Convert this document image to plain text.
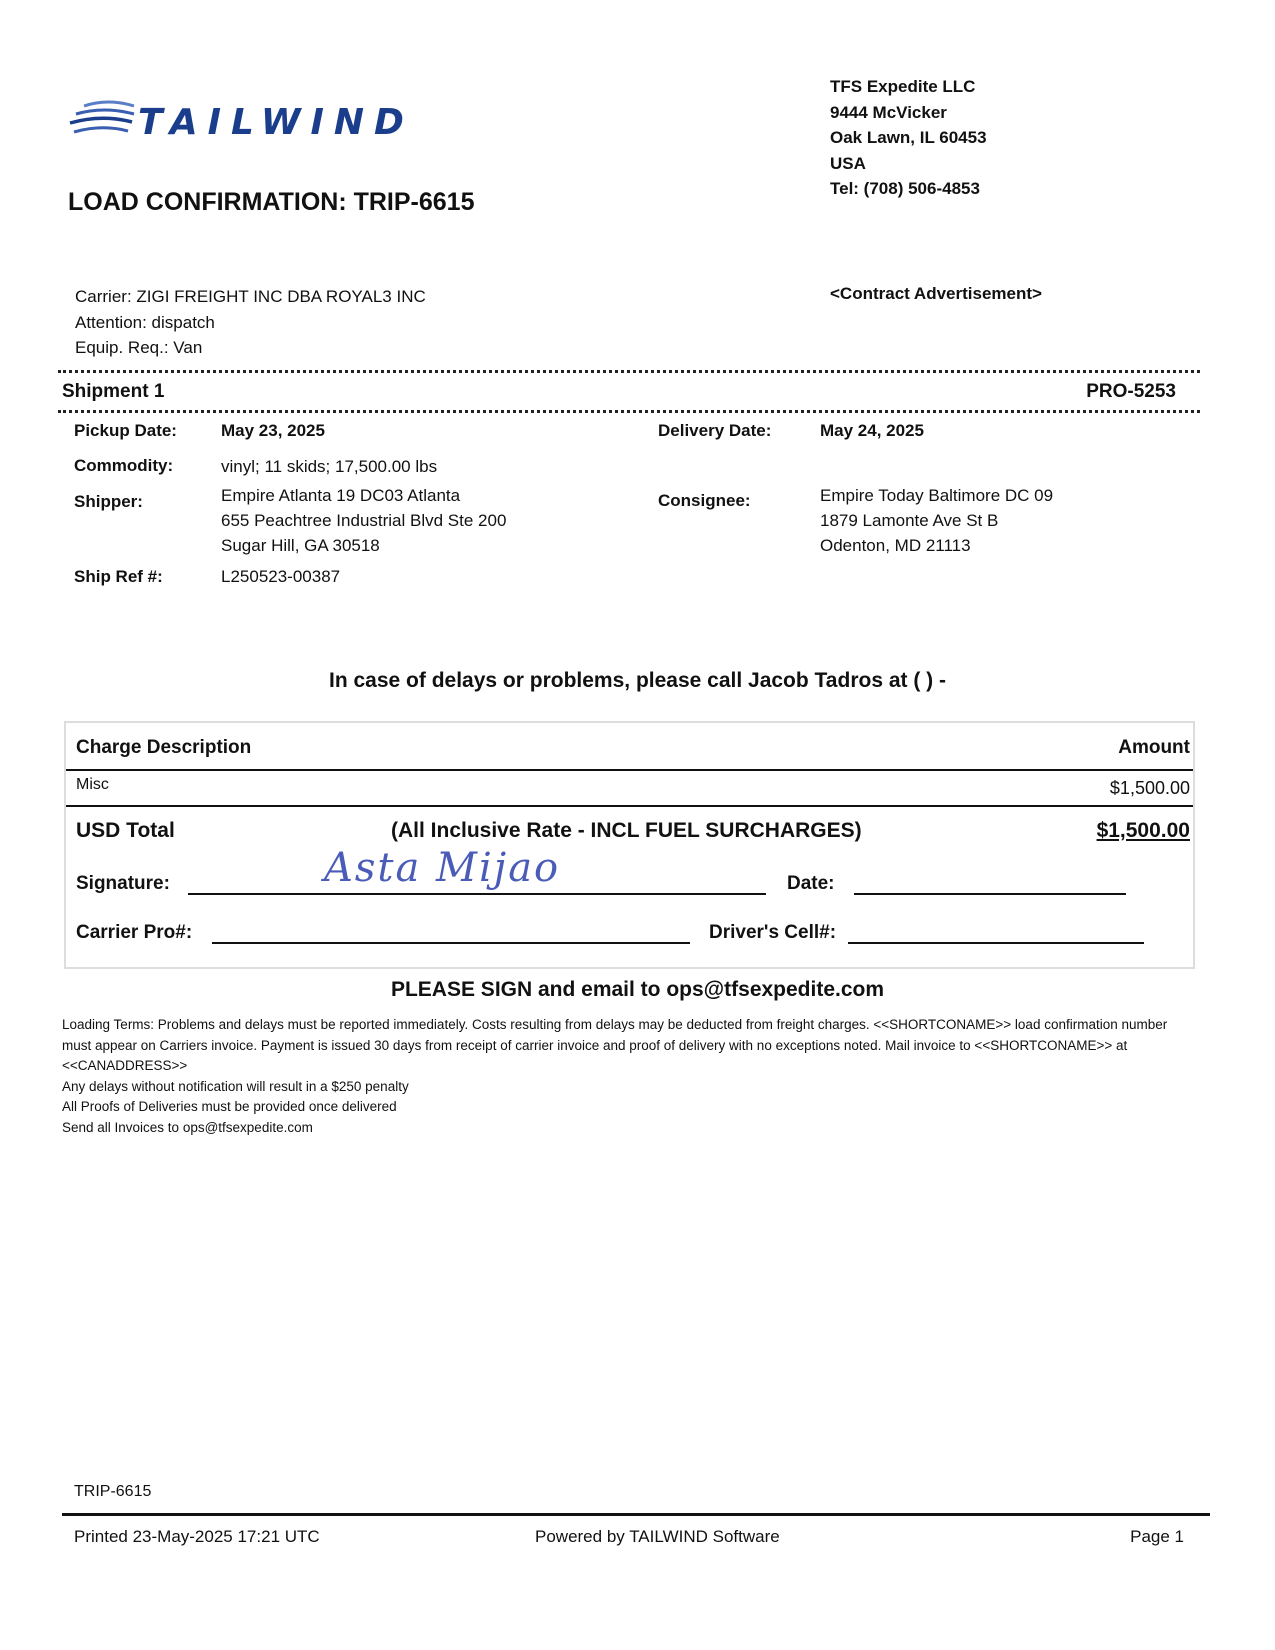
TAILWIND
LOAD CONFIRMATION: TRIP-6615
TFS Expedite LLC
9444 McVicker
Oak Lawn, IL 60453
USA
Tel: (708) 506-4853
Carrier: ZIGI FREIGHT INC DBA ROYAL3 INC
Attention: dispatch
Equip. Req.: Van
<Contract Advertisement>
Shipment 1	PRO-5253
Pickup Date:	May 23, 2025	Delivery Date:	May 24, 2025
Commodity:	vinyl; 11 skids; 17,500.00 lbs
Shipper:	Empire Atlanta 19 DC03 Atlanta
655 Peachtree Industrial Blvd Ste 200
Sugar Hill, GA 30518
Consignee:	Empire Today Baltimore DC 09
1879 Lamonte Ave St B
Odenton, MD 21113
Ship Ref #:	L250523-00387
In case of delays or problems, please call Jacob Tadros at ( ) -
Charge Description	Amount
Misc	$1,500.00
USD Total	(All Inclusive Rate - INCL FUEL SURCHARGES)	$1,500.00
Signature:	Asta Mijao	Date:
Carrier Pro#:	Driver's Cell#:
PLEASE SIGN and email to ops@tfsexpedite.com
Loading Terms: Problems and delays must be reported immediately. Costs resulting from delays may be deducted from freight charges. <<SHORTCONAME>> load confirmation number must appear on Carriers invoice. Payment is issued 30 days from receipt of carrier invoice and proof of delivery with no exceptions noted. Mail invoice to <<SHORTCONAME>> at <<CANADDRESS>>
Any delays without notification will result in a $250 penalty
All Proofs of Deliveries must be provided once delivered
Send all Invoices to ops@tfsexpedite.com
TRIP-6615
Printed 23-May-2025 17:21 UTC	Powered by TAILWIND Software	Page 1
